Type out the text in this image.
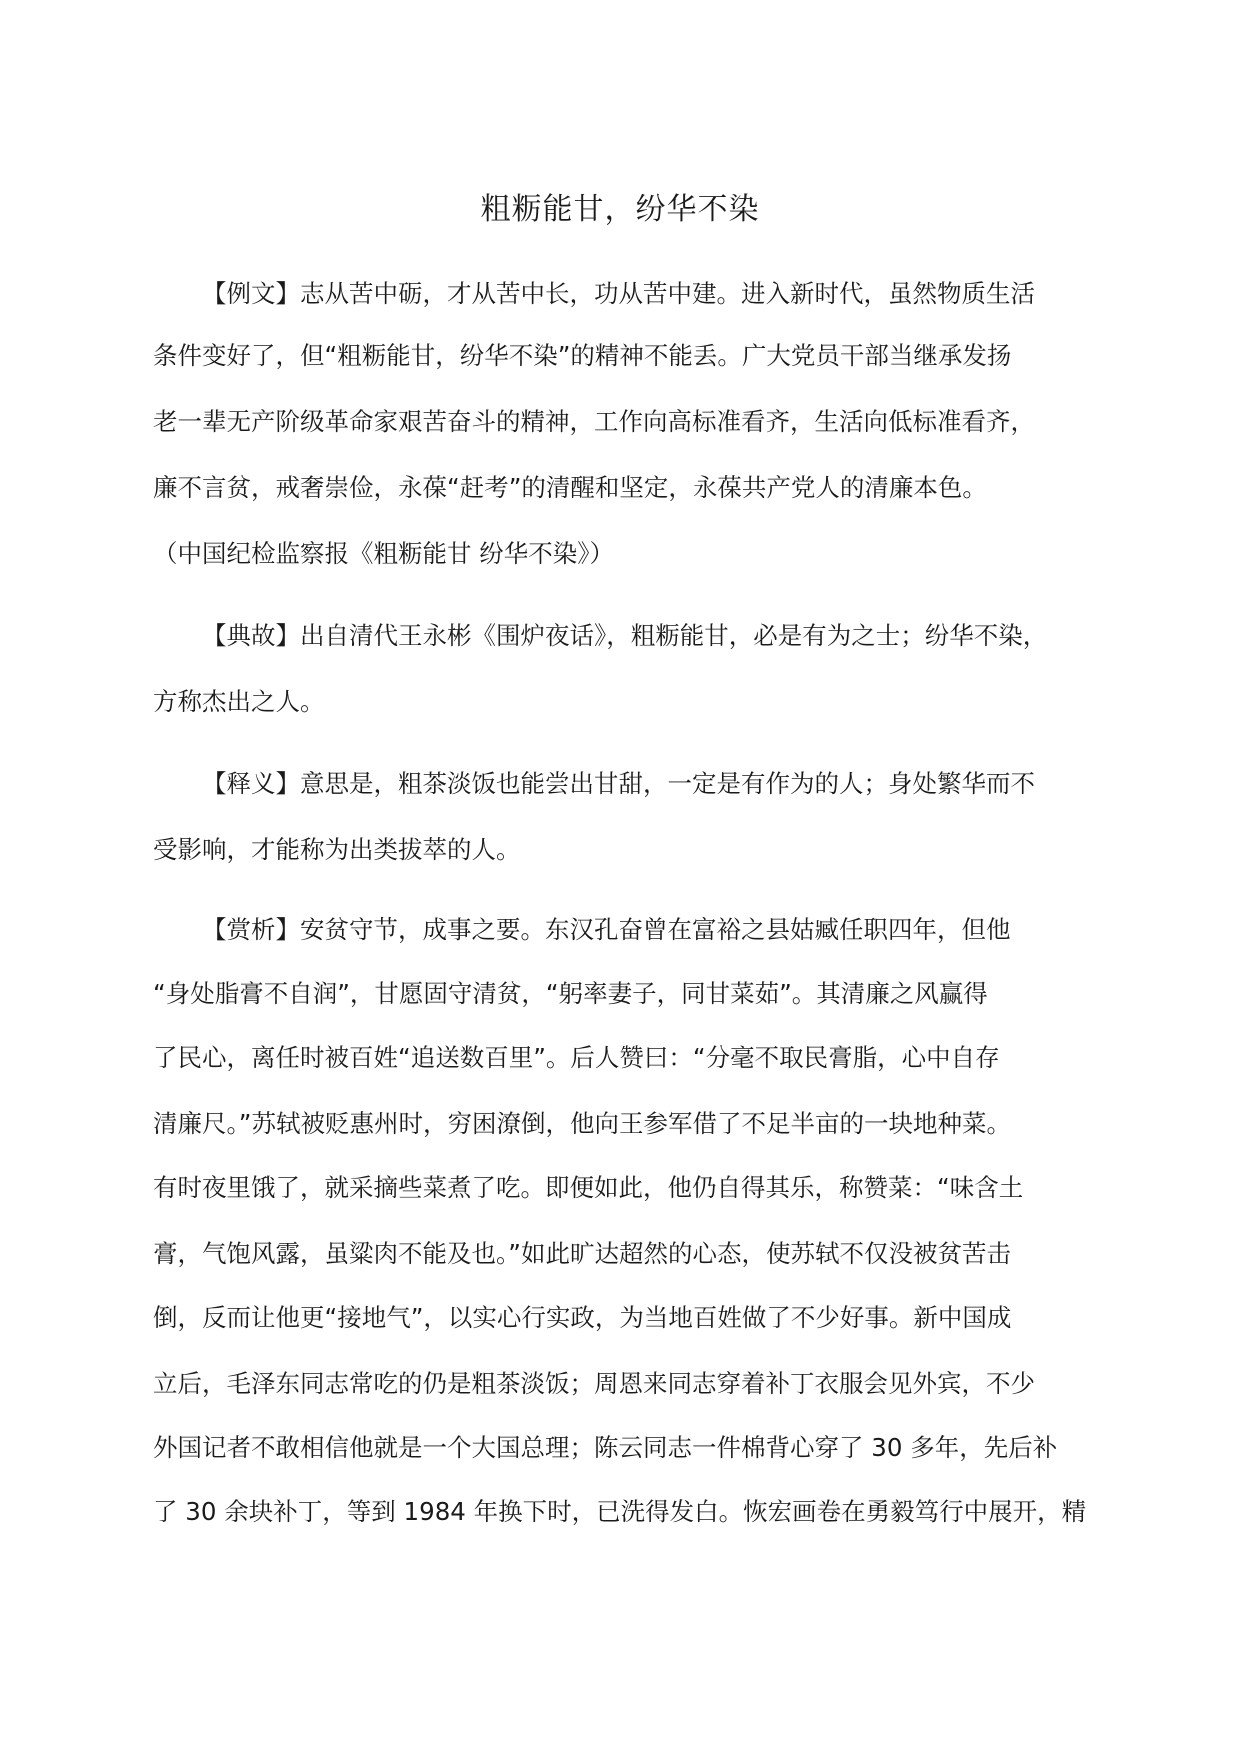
粗粝能甘，纷华不染
【例文】志从苦中砺，才从苦中长，功从苦中建。进入新时代，虽然物质生活
条件变好了，但“粗粝能甘，纷华不染”的精神不能丢。广大党员干部当继承发扬
老一辈无产阶级革命家艰苦奋斗的精神，工作向高标准看齐，生活向低标准看齐，
廉不言贫，戒奢崇俭，永葆“赶考”的清醒和坚定，永葆共产党人的清廉本色。
（中国纪检监察报《粗粝能甘 纷华不染》）
【典故】出自清代王永彬《围炉夜话》，粗粝能甘，必是有为之士；纷华不染，
方称杰出之人。
【释义】意思是，粗茶淡饭也能尝出甘甜，一定是有作为的人；身处繁华而不
受影响，才能称为出类拔萃的人。
【赏析】安贫守节，成事之要。东汉孔奋曾在富裕之县姑臧任职四年，但他
“身处脂膏不自润”，甘愿固守清贫，“躬率妻子，同甘菜茹”。其清廉之风赢得
了民心，离任时被百姓“追送数百里”。后人赞曰：“分毫不取民膏脂，心中自存
清廉尺。”苏轼被贬惠州时，穷困潦倒，他向王参军借了不足半亩的一块地种菜。
有时夜里饿了，就采摘些菜煮了吃。即便如此，他仍自得其乐，称赞菜：“味含土
膏，气饱风露，虽粱肉不能及也。”如此旷达超然的心态，使苏轼不仅没被贫苦击
倒，反而让他更“接地气”，以实心行实政，为当地百姓做了不少好事。新中国成
立后，毛泽东同志常吃的仍是粗茶淡饭；周恩来同志穿着补丁衣服会见外宾，不少
外国记者不敢相信他就是一个大国总理；陈云同志一件棉背心穿了 30 多年，先后补
了 30 余块补丁，等到 1984 年换下时，已洗得发白。恢宏画卷在勇毅笃行中展开，精
